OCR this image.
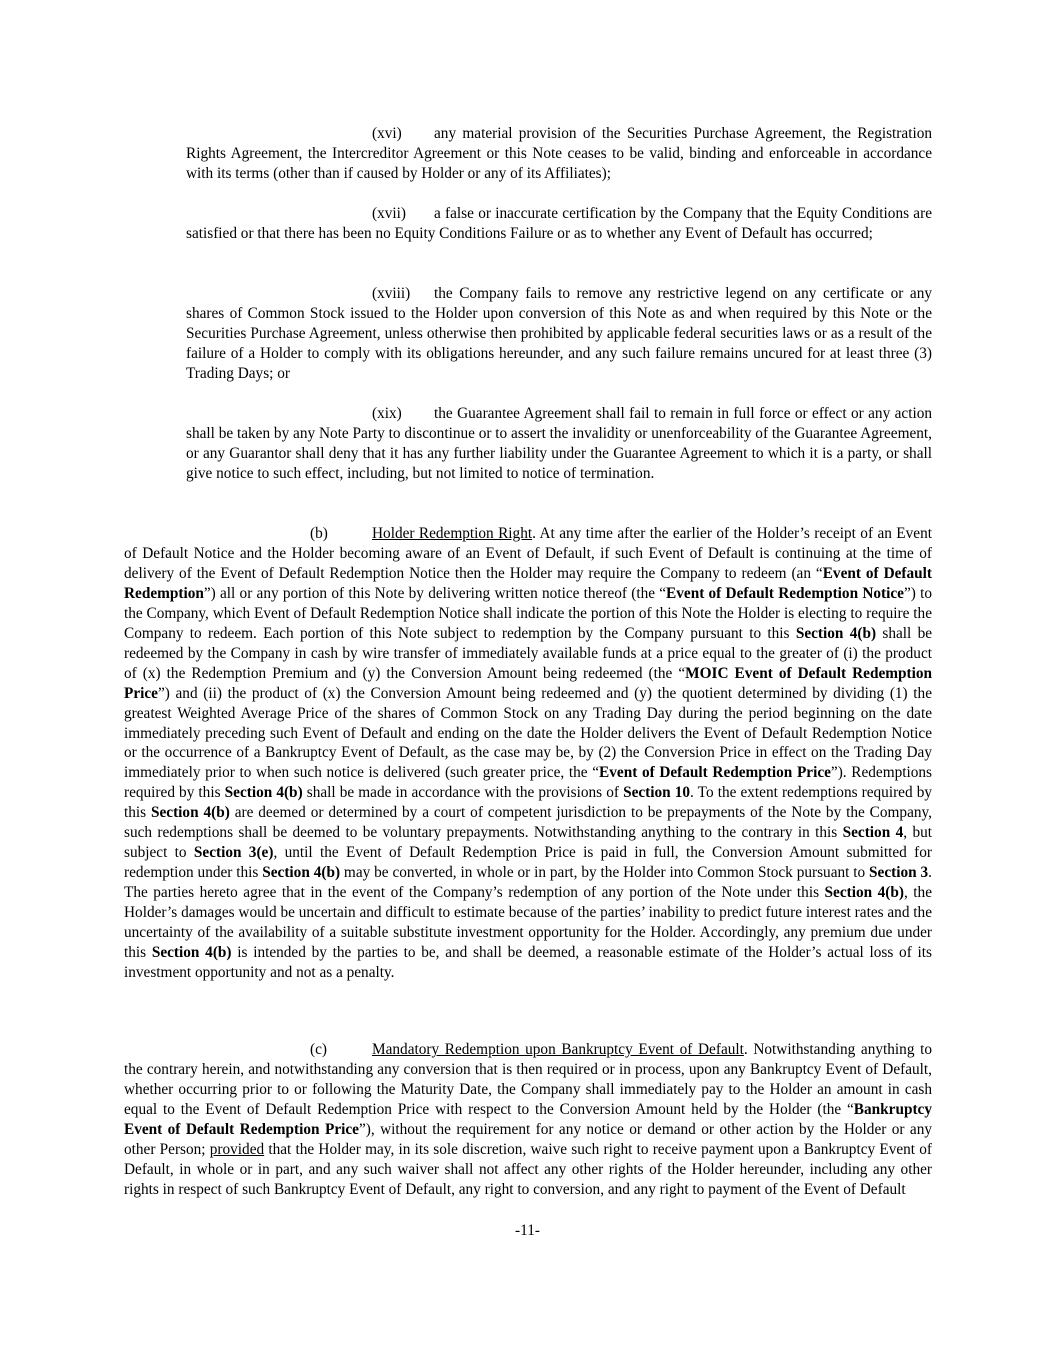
(xvi) any material provision of the Securities Purchase Agreement, the Registration Rights Agreement, the Intercreditor Agreement or this Note ceases to be valid, binding and enforceable in accordance with its terms (other than if caused by Holder or any of its Affiliates);

(xvii) a false or inaccurate certification by the Company that the Equity Conditions are satisfied or that there has been no Equity Conditions Failure or as to whether any Event of Default has occurred;

(xviii) the Company fails to remove any restrictive legend on any certificate or any shares of Common Stock issued to the Holder upon conversion of this Note as and when required by this Note or the Securities Purchase Agreement, unless otherwise then prohibited by applicable federal securities laws or as a result of the failure of a Holder to comply with its obligations hereunder, and any such failure remains uncured for at least three (3) Trading Days; or

(xix) the Guarantee Agreement shall fail to remain in full force or effect or any action shall be taken by any Note Party to discontinue or to assert the invalidity or unenforceability of the Guarantee Agreement, or any Guarantor shall deny that it has any further liability under the Guarantee Agreement to which it is a party, or shall give notice to such effect, including, but not limited to notice of termination.

(b)	Holder Redemption Right. At any time after the earlier of the Holder’s receipt of an Event of Default Notice and the Holder becoming aware of an Event of Default, if such Event of Default is continuing at the time of delivery of the Event of Default Redemption Notice then the Holder may require the Company to redeem (an “Event of Default Redemption”) all or any portion of this Note by delivering written notice thereof (the “Event of Default Redemption Notice”) to the Company, which Event of Default Redemption Notice shall indicate the portion of this Note the Holder is electing to require the Company to redeem. Each portion of this Note subject to redemption by the Company pursuant to this Section 4(b) shall be redeemed by the Company in cash by wire transfer of immediately available funds at a price equal to the greater of (i) the product of (x) the Redemption Premium and (y) the Conversion Amount being redeemed (the “MOIC Event of Default Redemption Price”) and (ii) the product of (x) the Conversion Amount being redeemed and (y) the quotient determined by dividing (1) the greatest Weighted Average Price of the shares of Common Stock on any Trading Day during the period beginning on the date immediately preceding such Event of Default and ending on the date the Holder delivers the Event of Default Redemption Notice or the occurrence of a Bankruptcy Event of Default, as the case may be, by (2) the Conversion Price in effect on the Trading Day immediately prior to when such notice is delivered (such greater price, the “Event of Default Redemption Price”). Redemptions required by this Section 4(b) shall be made in accordance with the provisions of Section 10. To the extent redemptions required by this Section 4(b) are deemed or determined by a court of competent jurisdiction to be prepayments of the Note by the Company, such redemptions shall be deemed to be voluntary prepayments. Notwithstanding anything to the contrary in this Section 4, but subject to Section 3(e), until the Event of Default Redemption Price is paid in full, the Conversion Amount submitted for redemption under this Section 4(b) may be converted, in whole or in part, by the Holder into Common Stock pursuant to Section 3. The parties hereto agree that in the event of the Company’s redemption of any portion of the Note under this Section 4(b), the Holder’s damages would be uncertain and difficult to estimate because of the parties’ inability to predict future interest rates and the uncertainty of the availability of a suitable substitute investment opportunity for the Holder. Accordingly, any premium due under this Section 4(b) is intended by the parties to be, and shall be deemed, a reasonable estimate of the Holder’s actual loss of its investment opportunity and not as a penalty.

(c)	Mandatory Redemption upon Bankruptcy Event of Default. Notwithstanding anything to the contrary herein, and notwithstanding any conversion that is then required or in process, upon any Bankruptcy Event of Default, whether occurring prior to or following the Maturity Date, the Company shall immediately pay to the Holder an amount in cash equal to the Event of Default Redemption Price with respect to the Conversion Amount held by the Holder (the “Bankruptcy Event of Default Redemption Price”), without the requirement for any notice or demand or other action by the Holder or any other Person; provided that the Holder may, in its sole discretion, waive such right to receive payment upon a Bankruptcy Event of Default, in whole or in part, and any such waiver shall not affect any other rights of the Holder hereunder, including any other rights in respect of such Bankruptcy Event of Default, any right to conversion, and any right to payment of the Event of Default

-11-
